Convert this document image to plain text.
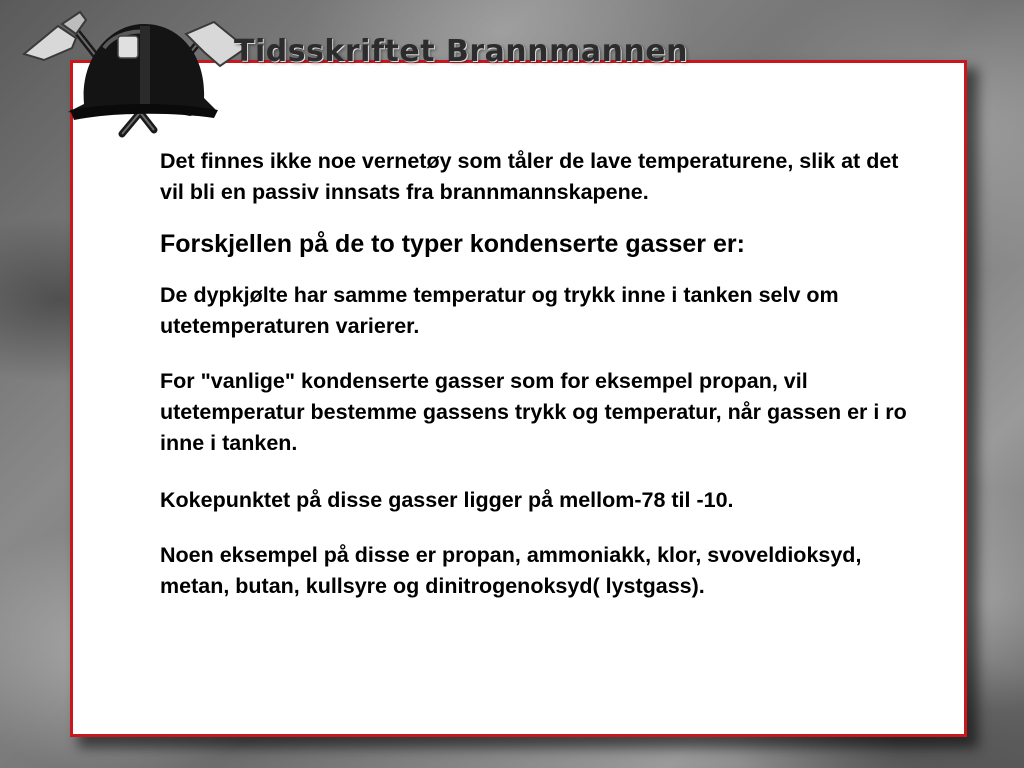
Tidsskriftet Brannmannen

Det finnes ikke noe vernetøy som tåler de lave temperaturene, slik at det vil bli en passiv innsats fra brannmannskapene.

Forskjellen på de to typer kondenserte gasser er:

De dypkjølte har samme temperatur og trykk inne i tanken selv om utetemperaturen varierer.

For "vanlige" kondenserte gasser som for eksempel propan, vil utetemperatur bestemme gassens trykk og temperatur, når gassen er i ro inne i tanken.

Kokepunktet på disse gasser ligger på mellom-78 til -10.

Noen eksempel på disse er propan, ammoniakk, klor, svoveldioksyd, metan, butan, kullsyre og dinitrogenoksyd( lystgass).
